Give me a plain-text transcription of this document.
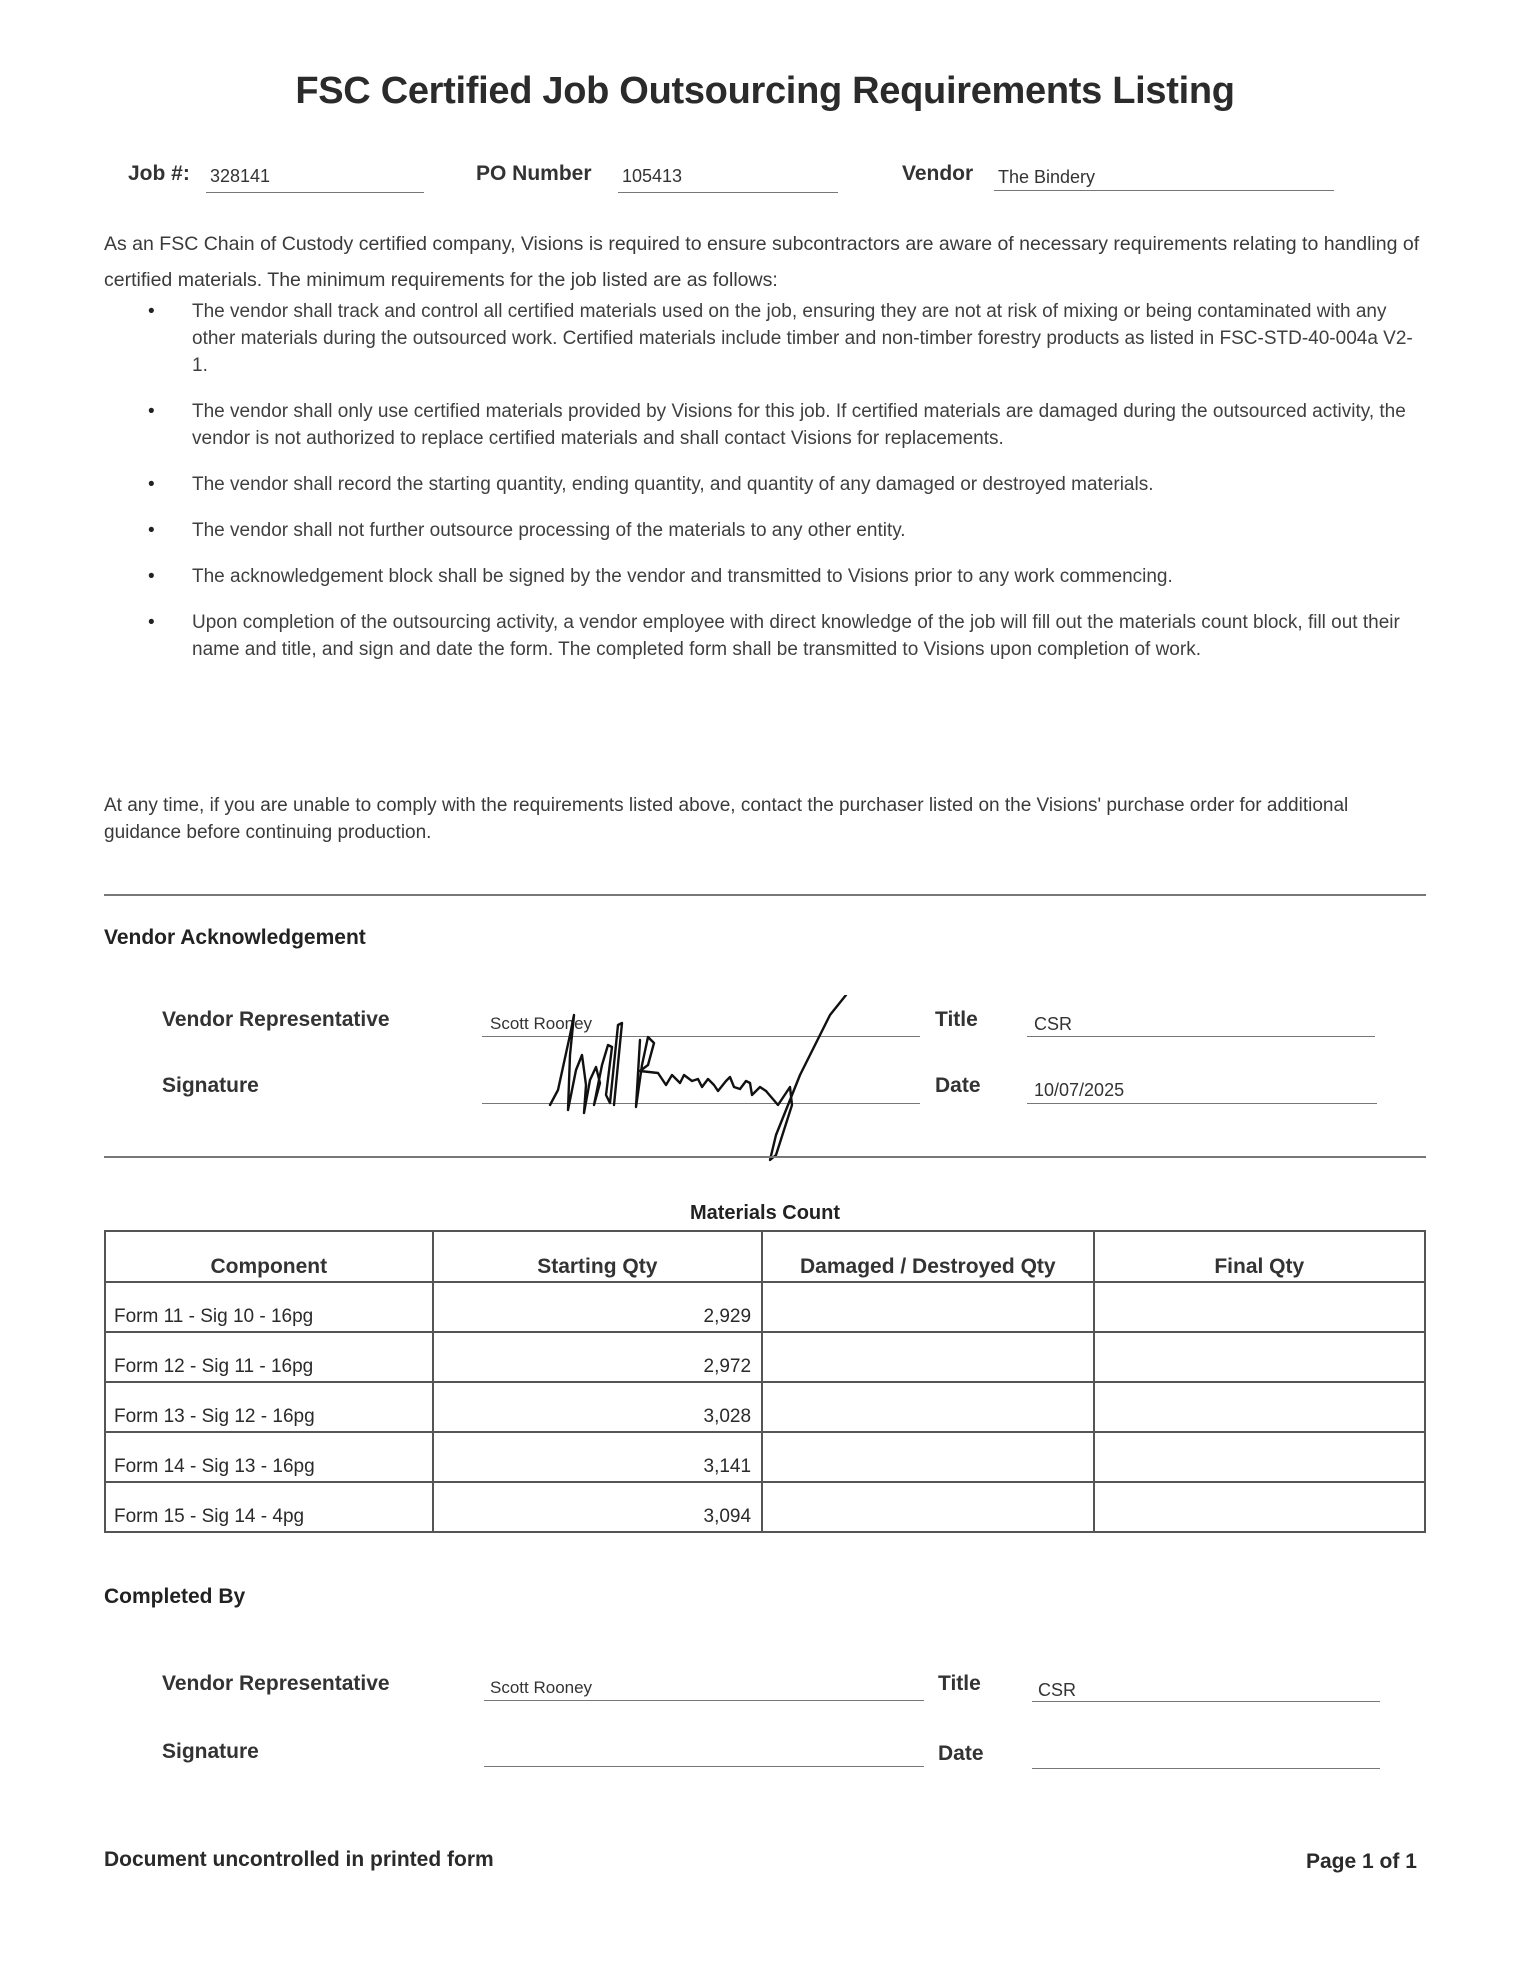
FSC Certified Job Outsourcing Requirements Listing
Job #: 328141	PO Number 105413	Vendor The Bindery
As an FSC Chain of Custody certified company, Visions is required to ensure subcontractors are aware of necessary requirements relating to handling of certified materials. The minimum requirements for the job listed are as follows:
• The vendor shall track and control all certified materials used on the job, ensuring they are not at risk of mixing or being contaminated with any other materials during the outsourced work. Certified materials include timber and non-timber forestry products as listed in FSC-STD-40-004a V2-1.
• The vendor shall only use certified materials provided by Visions for this job. If certified materials are damaged during the outsourced activity, the vendor is not authorized to replace certified materials and shall contact Visions for replacements.
• The vendor shall record the starting quantity, ending quantity, and quantity of any damaged or destroyed materials.
• The vendor shall not further outsource processing of the materials to any other entity.
• The acknowledgement block shall be signed by the vendor and transmitted to Visions prior to any work commencing.
• Upon completion of the outsourcing activity, a vendor employee with direct knowledge of the job will fill out the materials count block, fill out their name and title, and sign and date the form. The completed form shall be transmitted to Visions upon completion of work.
At any time, if you are unable to comply with the requirements listed above, contact the purchaser listed on the Visions' purchase order for additional guidance before continuing production.
Vendor Acknowledgement
Vendor Representative	Scott Rooney	Title	CSR
Signature	Date	10/07/2025
Materials Count
Component	Starting Qty	Damaged / Destroyed Qty	Final Qty
Form 11 - Sig 10 - 16pg	2,929		
Form 12 - Sig 11 - 16pg	2,972		
Form 13 - Sig 12 - 16pg	3,028		
Form 14 - Sig 13 - 16pg	3,141		
Form 15 - Sig 14 - 4pg	3,094		
Completed By
Vendor Representative	Scott Rooney	Title	CSR
Signature	Date
Document uncontrolled in printed form	Page 1 of 1
